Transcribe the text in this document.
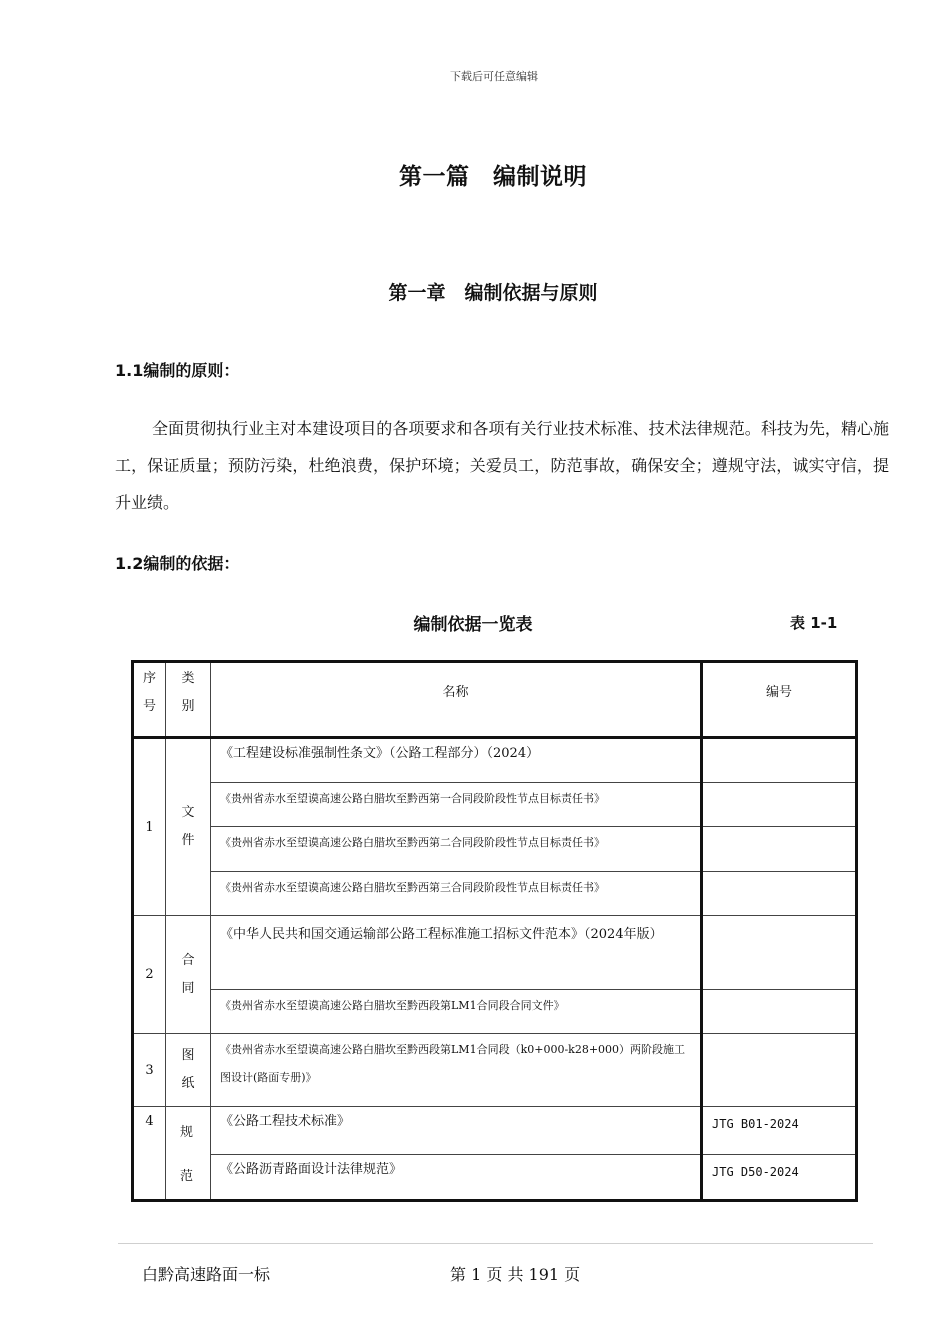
下载后可任意编辑
第一篇　编制说明
第一章　编制依据与原则
1.1编制的原则：
全面贯彻执行业主对本建设项目的各项要求和各项有关行业技术标准、技术法律规范。科技为先，精心施工，保证质量；预防污染，杜绝浪费，保护环境；关爱员工，防范事故，确保安全；遵规守法，诚实守信，提升业绩。
1.2编制的依据：
编制依据一览表	表 1-1
序号	类别	名称	编号

1	文件	《工程建设标准强制性条文》（公路工程部分）（2024）	

		《贵州省赤水至望谟高速公路白腊坎至黔西第一合同段阶段性节点目标责任书》	

		《贵州省赤水至望谟高速公路白腊坎至黔西第二合同段阶段性节点目标责任书》	

		《贵州省赤水至望谟高速公路白腊坎至黔西第三合同段阶段性节点目标责任书》	

2	合同	《中华人民共和国交通运输部公路工程标准施工招标文件范本》（2024年版）	

		《贵州省赤水至望谟高速公路白腊坎至黔西段第LM1合同段合同文件》	

3	图纸	《贵州省赤水至望谟高速公路白腊坎至黔西段第LM1合同段（k0+000-k28+000）两阶段施工图设计(路面专册)》	

4	规范	《公路工程技术标准》	JTG B01-2024

		《公路沥青路面设计法律规范》	JTG D50-2024
白黔高速路面一标	第 1 页 共 191 页
